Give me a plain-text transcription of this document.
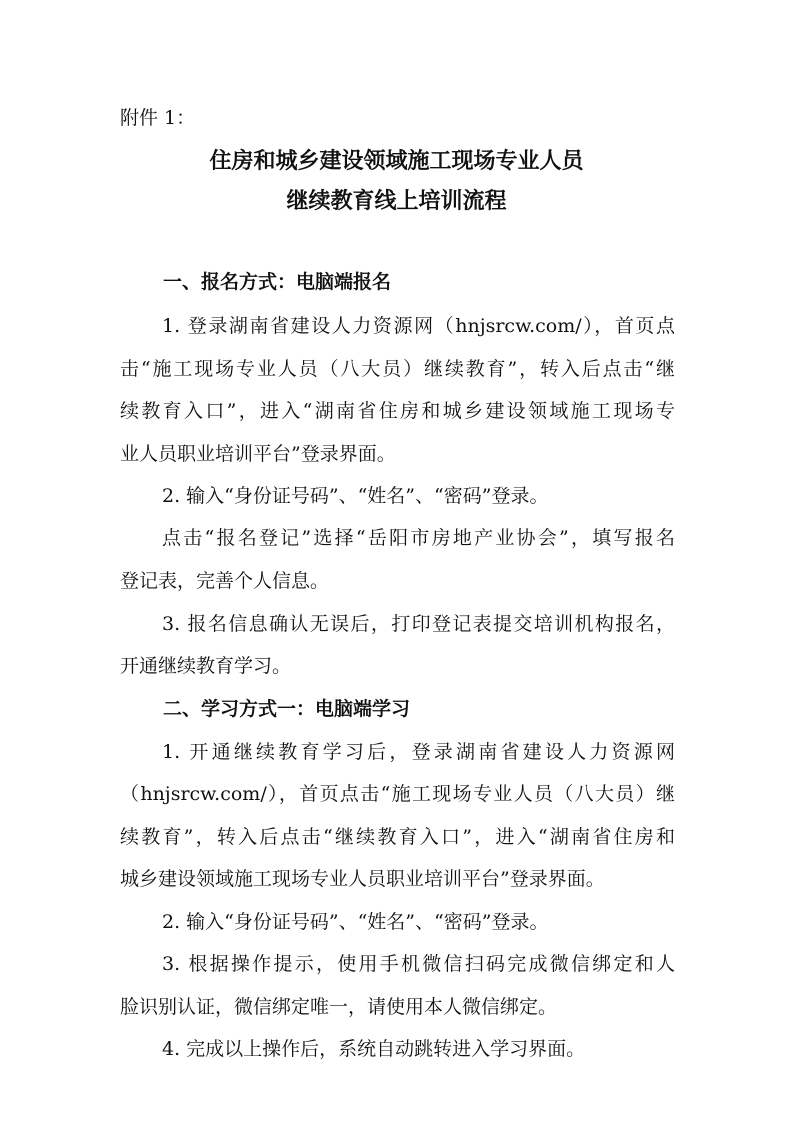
附件 1：
住房和城乡建设领域施工现场专业人员
继续教育线上培训流程
一、报名方式：电脑端报名
1. 登录湖南省建设人力资源网（hnjsrcw.com/），首页点
击“施工现场专业人员（八大员）继续教育”，转入后点击“继
续教育入口”，进入“湖南省住房和城乡建设领域施工现场专
业人员职业培训平台”登录界面。
2. 输入“身份证号码”、“姓名”、“密码”登录。
点击“报名登记”选择“岳阳市房地产业协会”，填写报名
登记表，完善个人信息。
3. 报名信息确认无误后，打印登记表提交培训机构报名，
开通继续教育学习。
二、学习方式一：电脑端学习
1. 开通继续教育学习后，登录湖南省建设人力资源网
（hnjsrcw.com/），首页点击“施工现场专业人员（八大员）继
续教育”，转入后点击“继续教育入口”，进入“湖南省住房和
城乡建设领域施工现场专业人员职业培训平台”登录界面。
2. 输入“身份证号码”、“姓名”、“密码”登录。
3. 根据操作提示，使用手机微信扫码完成微信绑定和人
脸识别认证，微信绑定唯一，请使用本人微信绑定。
4. 完成以上操作后，系统自动跳转进入学习界面。
